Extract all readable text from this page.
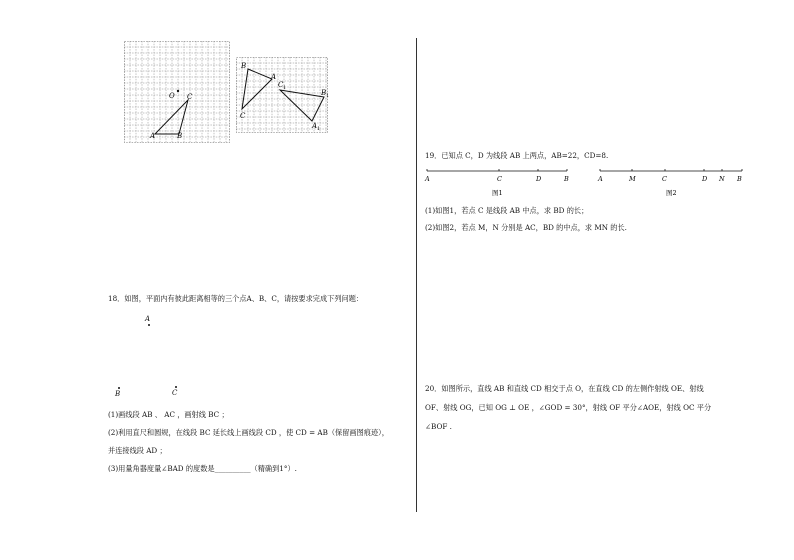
O C
A	B
B
A
C
C 1
B 1
A 1
18．如图，平面内有彼此距离相等的三个点A、B、C，请按要求完成下列问题：
A
B	C
(1)画线段 AB 、 AC ，画射线 BC ；
(2)利用直尺和圆规，在线段 BC 延长线上画线段 CD ，使 CD = AB（保留画图痕迹），
并连接线段 AD ；
(3)用量角器度量∠BAD 的度数是__________（精确到1°）.
19．已知点 C，D 为线段 AB 上两点，AB=22，CD=8.
A	C	D	B
图1
A	M	C	D N B
图2
(1)如图1，若点 C 是线段 AB 中点，求 BD 的长；
(2)如图2，若点 M，N 分别是 AC，BD 的中点，求 MN 的长.
20．如图所示，直线 AB 和直线 CD 相交于点 O，在直线 CD 的左侧作射线 OE、射线
OF、射线 OG，已知 OG ⊥ OE ，∠GOD = 30°，射线 OF 平分∠AOE，射线 OC 平分
∠BOF .
